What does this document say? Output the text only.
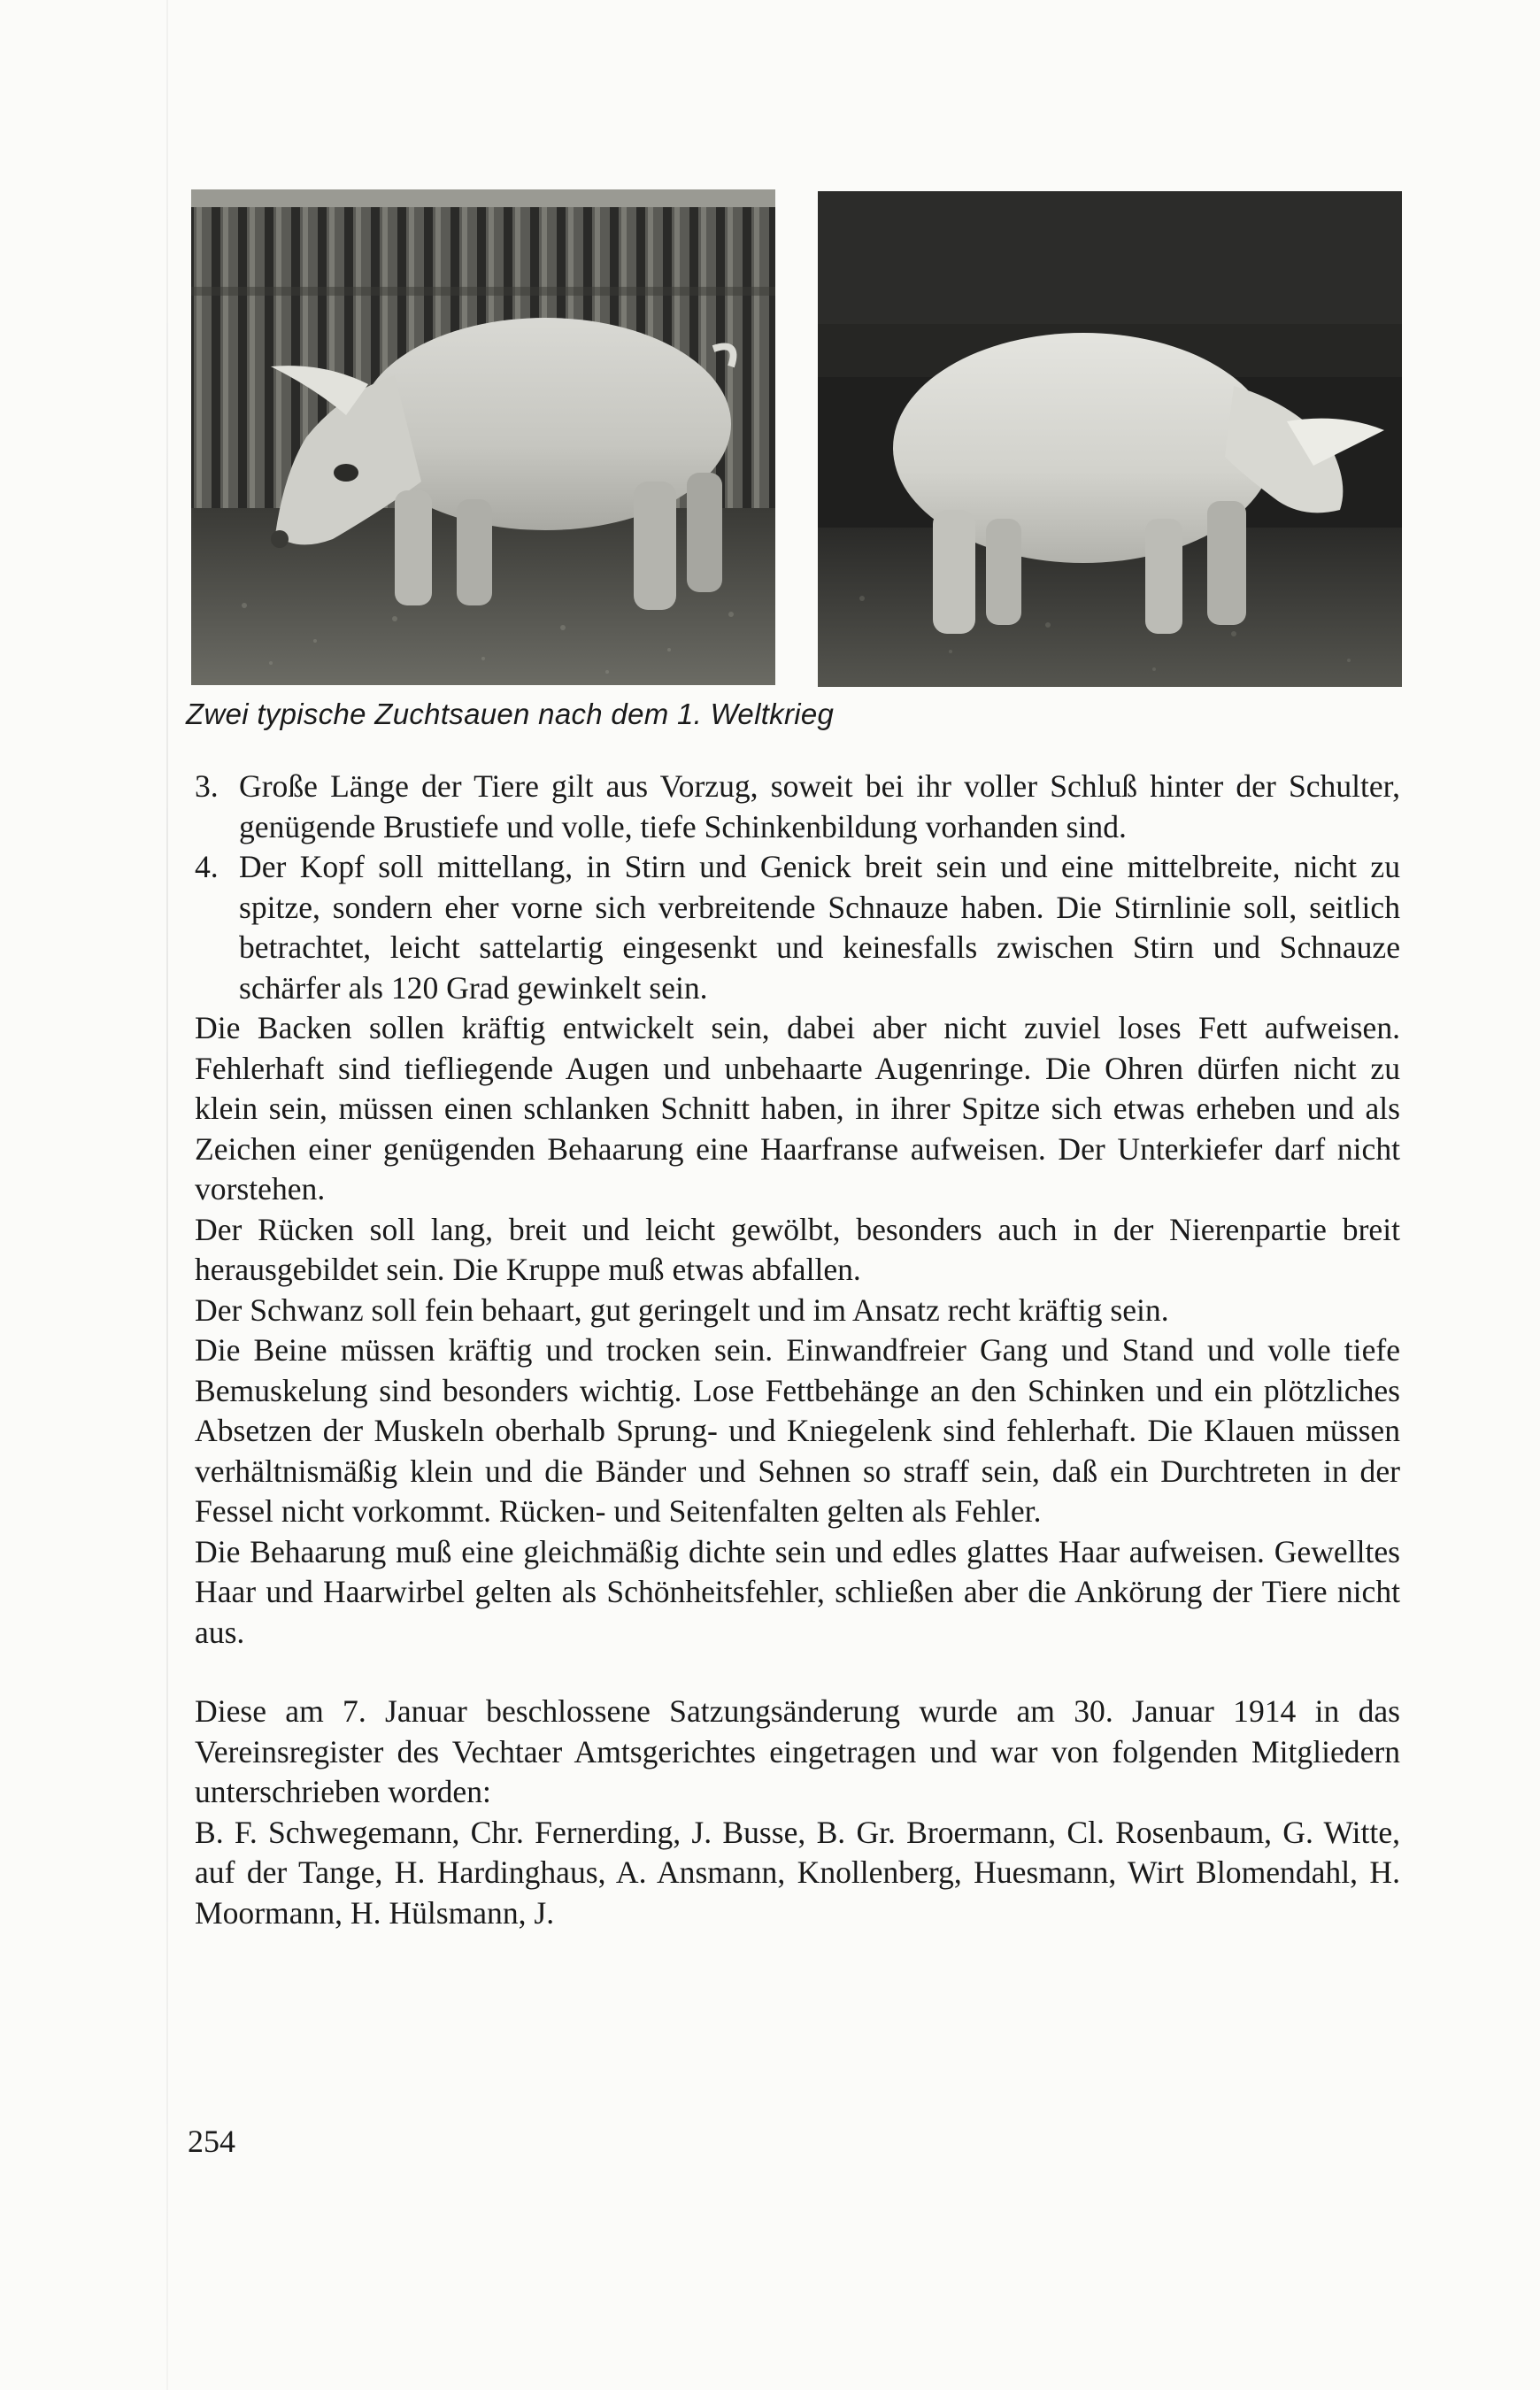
Zwei typische Zuchtsauen nach dem 1. Weltkrieg

3. Große Länge der Tiere gilt aus Vorzug, soweit bei ihr voller Schluß hinter der Schulter, genügende Brustiefe und volle, tiefe Schinkenbildung vorhanden sind.

4. Der Kopf soll mittellang, in Stirn und Genick breit sein und eine mittelbreite, nicht zu spitze, sondern eher vorne sich verbreitende Schnauze haben. Die Stirnlinie soll, seitlich betrachtet, leicht sattelartig eingesenkt und keinesfalls zwischen Stirn und Schnauze schärfer als 120 Grad gewinkelt sein.

Die Backen sollen kräftig entwickelt sein, dabei aber nicht zuviel loses Fett aufweisen. Fehlerhaft sind tiefliegende Augen und unbehaarte Augenringe. Die Ohren dürfen nicht zu klein sein, müssen einen schlanken Schnitt haben, in ihrer Spitze sich etwas erheben und als Zeichen einer genügenden Behaarung eine Haarfranse aufweisen. Der Unterkiefer darf nicht vorstehen.

Der Rücken soll lang, breit und leicht gewölbt, besonders auch in der Nierenpartie breit herausgebildet sein. Die Kruppe muß etwas abfallen.

Der Schwanz soll fein behaart, gut geringelt und im Ansatz recht kräftig sein.

Die Beine müssen kräftig und trocken sein. Einwandfreier Gang und Stand und volle tiefe Bemuskelung sind besonders wichtig. Lose Fettbehänge an den Schinken und ein plötzliches Absetzen der Muskeln oberhalb Sprung- und Kniegelenk sind fehlerhaft. Die Klauen müssen verhältnismäßig klein und die Bänder und Sehnen so straff sein, daß ein Durchtreten in der Fessel nicht vorkommt. Rücken- und Seitenfalten gelten als Fehler.

Die Behaarung muß eine gleichmäßig dichte sein und edles glattes Haar aufweisen. Gewelltes Haar und Haarwirbel gelten als Schönheitsfehler, schließen aber die Ankörung der Tiere nicht aus.

Diese am 7. Januar beschlossene Satzungsänderung wurde am 30. Januar 1914 in das Vereinsregister des Vechtaer Amtsgerichtes eingetragen und war von folgenden Mitgliedern unterschrieben worden:

B. F. Schwegemann, Chr. Fernerding, J. Busse, B. Gr. Broermann, Cl. Rosenbaum, G. Witte, auf der Tange, H. Hardinghaus, A. Ansmann, Knollenberg, Huesmann, Wirt Blomendahl, H. Moormann, H. Hülsmann, J.

254
